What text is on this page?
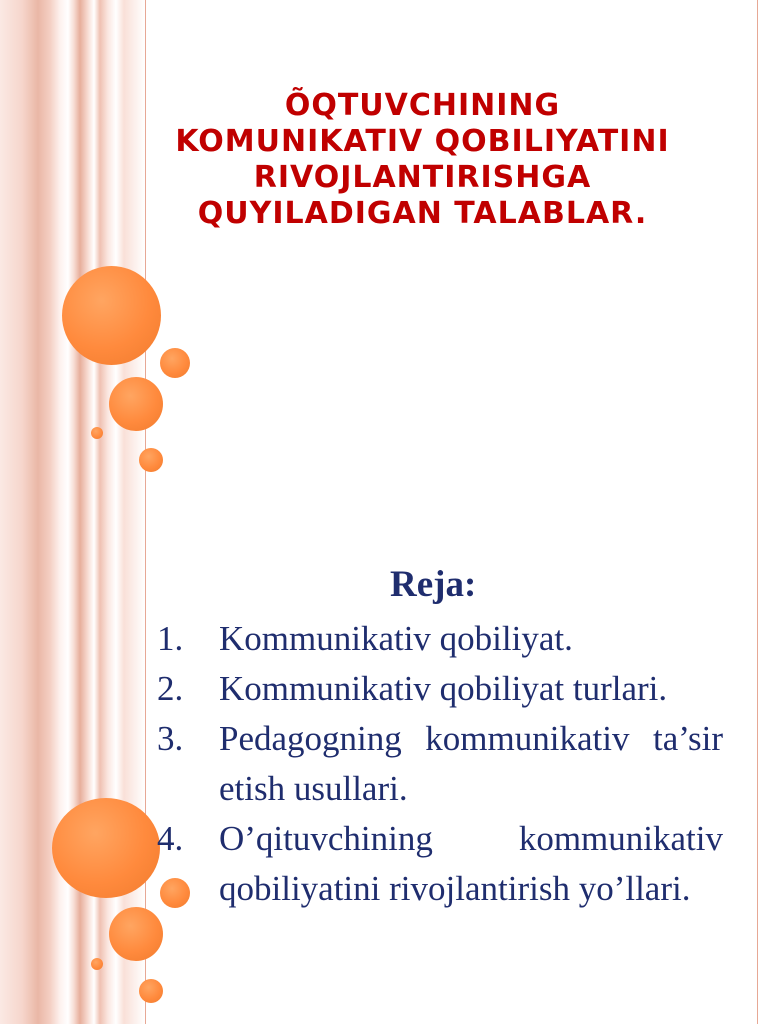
ÕQTUVCHINING KOMUNIKATIV QOBILIYATINI RIVOJLANTIRISHGA QUYILADIGAN TALABLAR.
Reja:
1. Kommunikativ qobiliyat.
2. Kommunikativ qobiliyat turlari.
3. Pedagogning kommunikativ ta’sir etish usullari.
4. O’qituvchining kommunikativ qobiliyatini rivojlantirish yo’llari.
